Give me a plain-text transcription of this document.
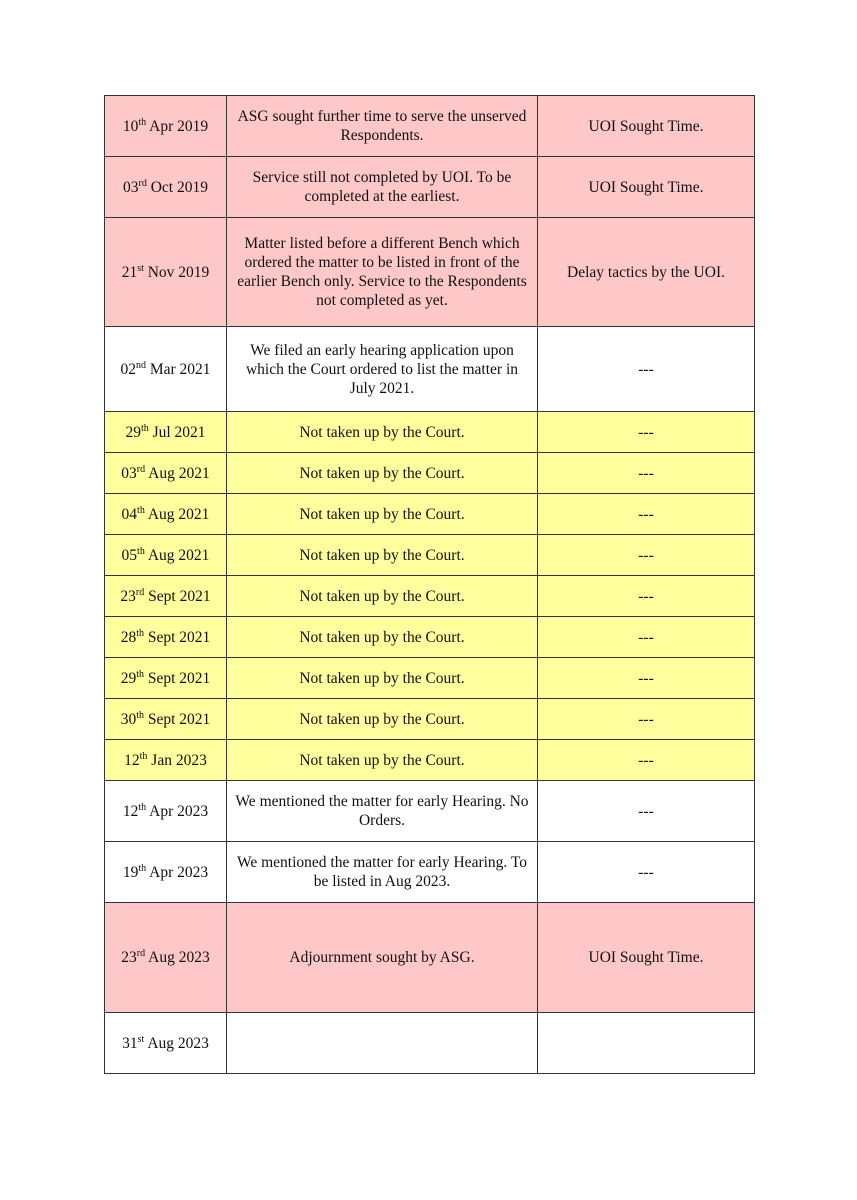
10th Apr 2019	ASG sought further time to serve the unserved Respondents.	UOI Sought Time.
03rd Oct 2019	Service still not completed by UOI. To be completed at the earliest.	UOI Sought Time.
21st Nov 2019	Matter listed before a different Bench which ordered the matter to be listed in front of the earlier Bench only. Service to the Respondents not completed as yet.	Delay tactics by the UOI.
02nd Mar 2021	We filed an early hearing application upon which the Court ordered to list the matter in July 2021.	---
29th Jul 2021	Not taken up by the Court.	---
03rd Aug 2021	Not taken up by the Court.	---
04th Aug 2021	Not taken up by the Court.	---
05th Aug 2021	Not taken up by the Court.	---
23rd Sept 2021	Not taken up by the Court.	---
28th Sept 2021	Not taken up by the Court.	---
29th Sept 2021	Not taken up by the Court.	---
30th Sept 2021	Not taken up by the Court.	---
12th Jan 2023	Not taken up by the Court.	---
12th Apr 2023	We mentioned the matter for early Hearing. No Orders.	---
19th Apr 2023	We mentioned the matter for early Hearing. To be listed in Aug 2023.	---
23rd Aug 2023	Adjournment sought by ASG.	UOI Sought Time.
31st Aug 2023		
